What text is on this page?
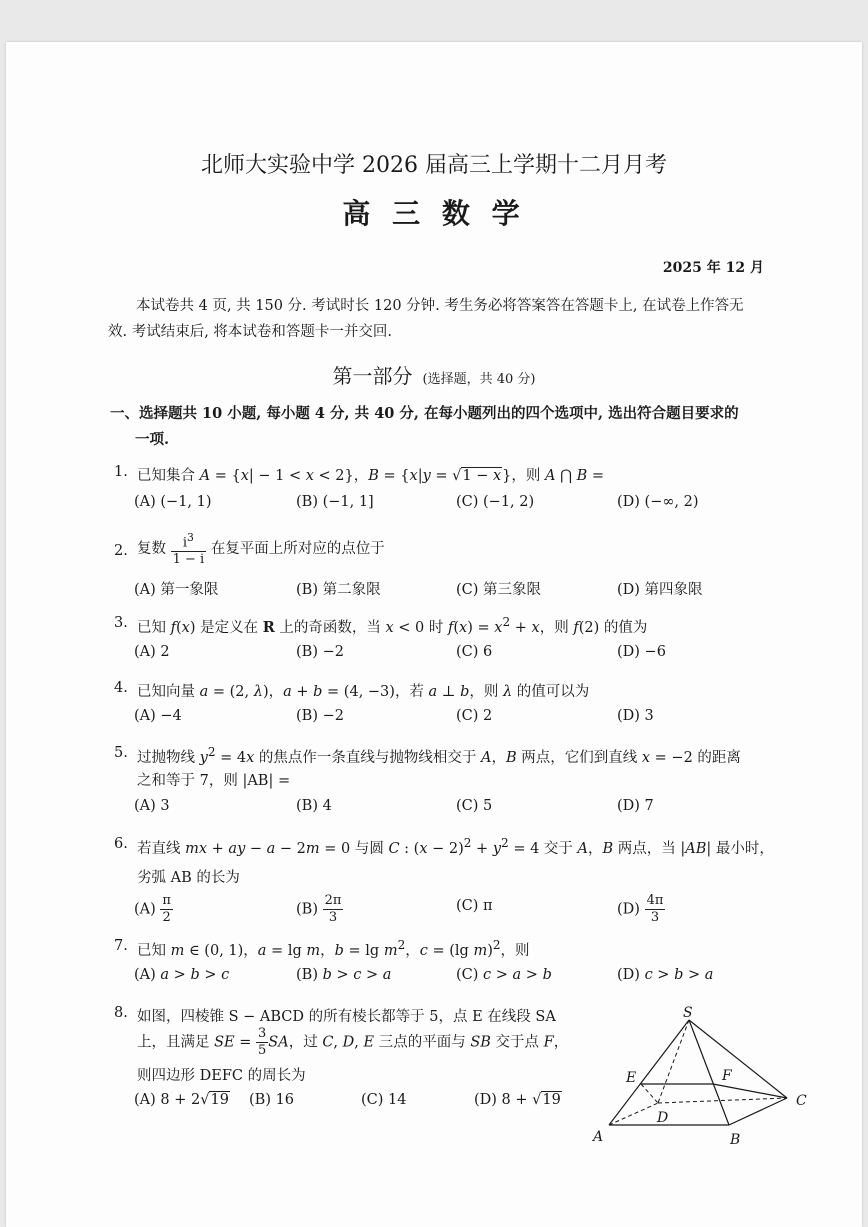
北师大实验中学 2026 届高三上学期十二月月考
高 三 数 学
2025 年 12 月
本试卷共 4 页, 共 150 分. 考试时长 120 分钟. 考生务必将答案答在答题卡上, 在试卷上作答无
效. 考试结束后, 将本试卷和答题卡一并交回.
第一部分 (选择题，共 40 分)
一、选择题共 10 小题, 每小题 4 分, 共 40 分, 在每小题列出的四个选项中, 选出符合题目要求的
一项.
1. 已知集合 A = {x| − 1 < x < 2}，B = {x|y = √1 − x}，则 A ⋂ B =
(A) (−1, 1)	(B) (−1, 1]	(C) (−1, 2)	(D) (−∞, 2)
2. 复数 $\frac{i^3}{1 - i}$ 在复平面上所对应的点位于
(A) 第一象限	(B) 第二象限	(C) 第三象限	(D) 第四象限
3. 已知 f(x) 是定义在 R 上的奇函数，当 x < 0 时 $f(x) = x^2 + x$，则 f(2) 的值为
(A) 2	(B) −2	(C) 6	(D) −6
4. 已知向量 a = (2, λ)，a + b = (4, −3)，若 a ⊥ b，则 λ 的值可以为
(A) −4	(B) −2	(C) 2	(D) 3
5. 过抛物线 $y^2 = 4x$ 的焦点作一条直线与抛物线相交于 A，B 两点，它们到直线 x = −2 的距离
之和等于 7，则 |AB| =
(A) 3	(B) 4	(C) 5	(D) 7
6. 若直线 mx + ay − a − 2m = 0 与圆 C : $(x - 2)^2 + y^2 = 4$ 交于 A，B 两点，当 |AB| 最小时，
劣弧 AB 的长为
$(A) \frac{\pi}{2}$	$(B) \frac{2\pi}{3}$	(C) π	$(D) \frac{4\pi}{3}$
7. 已知 m ∈ (0, 1)，a = lg m，$b = \lg m^2$，c = (lg m)$^2$，则
(A) a > b > c	(B) b > c > a	(C) c > a > b	(D) c > b > a
8. 如图，四棱锥 S − ABCD 的所有棱长都等于 5，点 E 在线段 SA
上，且满足 SE = $\frac{3}{5}$ SA，过 C, D, E 三点的平面与 SB 交于点 F，
则四边形 DEFC 的周长为
(A) 8 + 2√19 (B) 16	(C) 14	(D) 8 + √19
S
E	F
D
C
A	B
